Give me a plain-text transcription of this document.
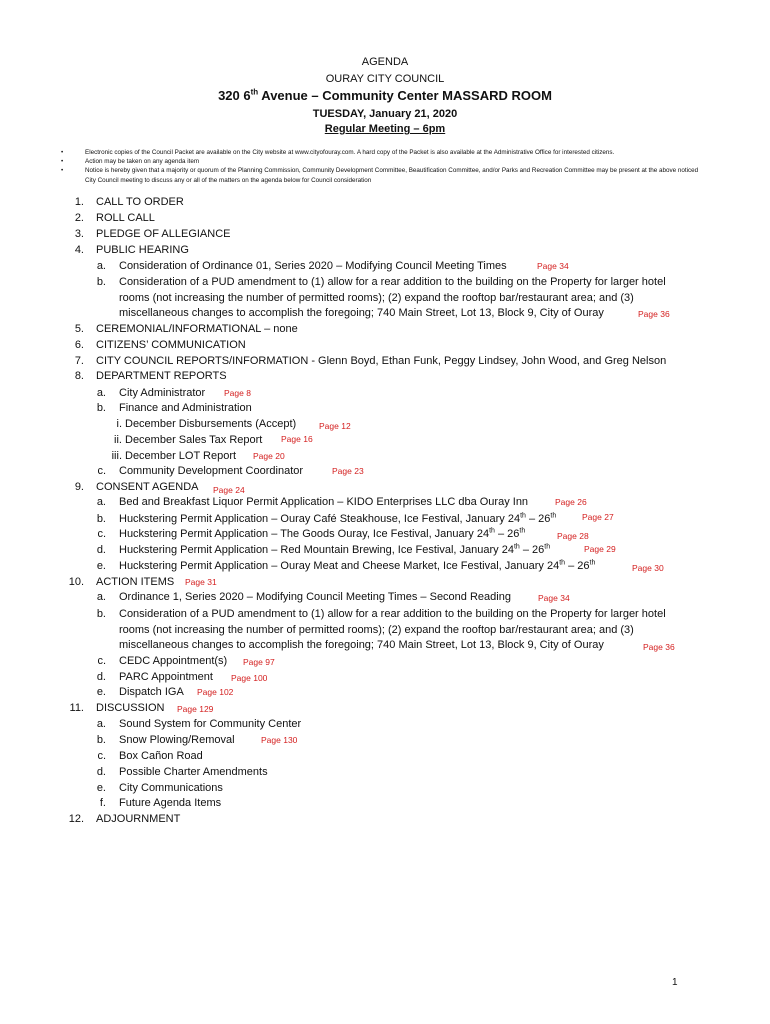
AGENDA
OURAY CITY COUNCIL
320 6th Avenue – Community Center MASSARD ROOM
TUESDAY, January 21, 2020
Regular Meeting – 6pm
•	Electronic copies of the Council Packet are available on the City website at www.cityofouray.com. A hard copy of the Packet is also available at the Administrative Office for interested citizens.
•	Action may be taken on any agenda item
•	Notice is hereby given that a majority or quorum of the Planning Commission, Community Development Committee, Beautification Committee, and/or Parks and Recreation Committee may be present at the above noticed City Council meeting to discuss any or all of the matters on the agenda below for Council consideration
1. CALL TO ORDER
2. ROLL CALL
3. PLEDGE OF ALLEGIANCE
4. PUBLIC HEARING
a. Consideration of Ordinance 01, Series 2020 – Modifying Council Meeting Times	Page 34
b. Consideration of a PUD amendment to (1) allow for a rear addition to the building on the Property for larger hotel
rooms (not increasing the number of permitted rooms); (2) expand the rooftop bar/restaurant area; and (3)
miscellaneous changes to accomplish the foregoing; 740 Main Street, Lot 13, Block 9, City of Ouray	Page 36
5. CEREMONIAL/INFORMATIONAL – none
6. CITIZENS’ COMMUNICATION
7. CITY COUNCIL REPORTS/INFORMATION - Glenn Boyd, Ethan Funk, Peggy Lindsey, John Wood, and Greg Nelson
8. DEPARTMENT REPORTS
a. City Administrator Page 8
b. Finance and Administration
i. December Disbursements (Accept)	Page 12
ii. December Sales Tax Report Page 16
iii. December LOT Report Page 20
c. Community Development Coordinator	Page 23
9. CONSENT AGENDA Page 24
a. Bed and Breakfast Liquor Permit Application – KIDO Enterprises LLC dba Ouray Inn	Page 26
b. Huckstering Permit Application – Ouray Café Steakhouse, Ice Festival, January 24th – 26th	Page 27
c. Huckstering Permit Application – The Goods Ouray, Ice Festival, January 24th – 26th
Page 28
d. Huckstering Permit Application – Red Mountain Brewing, Ice Festival, January 24th – 26th	Page 29
e. Huckstering Permit Application – Ouray Meat and Cheese Market, Ice Festival, January 24th – 26th
Page 30
10. ACTION ITEMS Page 31
a. Ordinance 1, Series 2020 – Modifying Council Meeting Times – Second Reading	Page 34
b. Consideration of a PUD amendment to (1) allow for a rear addition to the building on the Property for larger hotel
rooms (not increasing the number of permitted rooms); (2) expand the rooftop bar/restaurant area; and (3)
miscellaneous changes to accomplish the foregoing; 740 Main Street, Lot 13, Block 9, City of Ouray	Page 36
c. CEDC Appointment(s) Page 97
d. PARC Appointment Page 100
e. Dispatch IGA Page 102
11. DISCUSSION Page 129
a. Sound System for Community Center
b. Snow Plowing/Removal	Page 130
c. Box Cañon Road
d. Possible Charter Amendments
e. City Communications
f. Future Agenda Items
12. ADJOURNMENT
1
